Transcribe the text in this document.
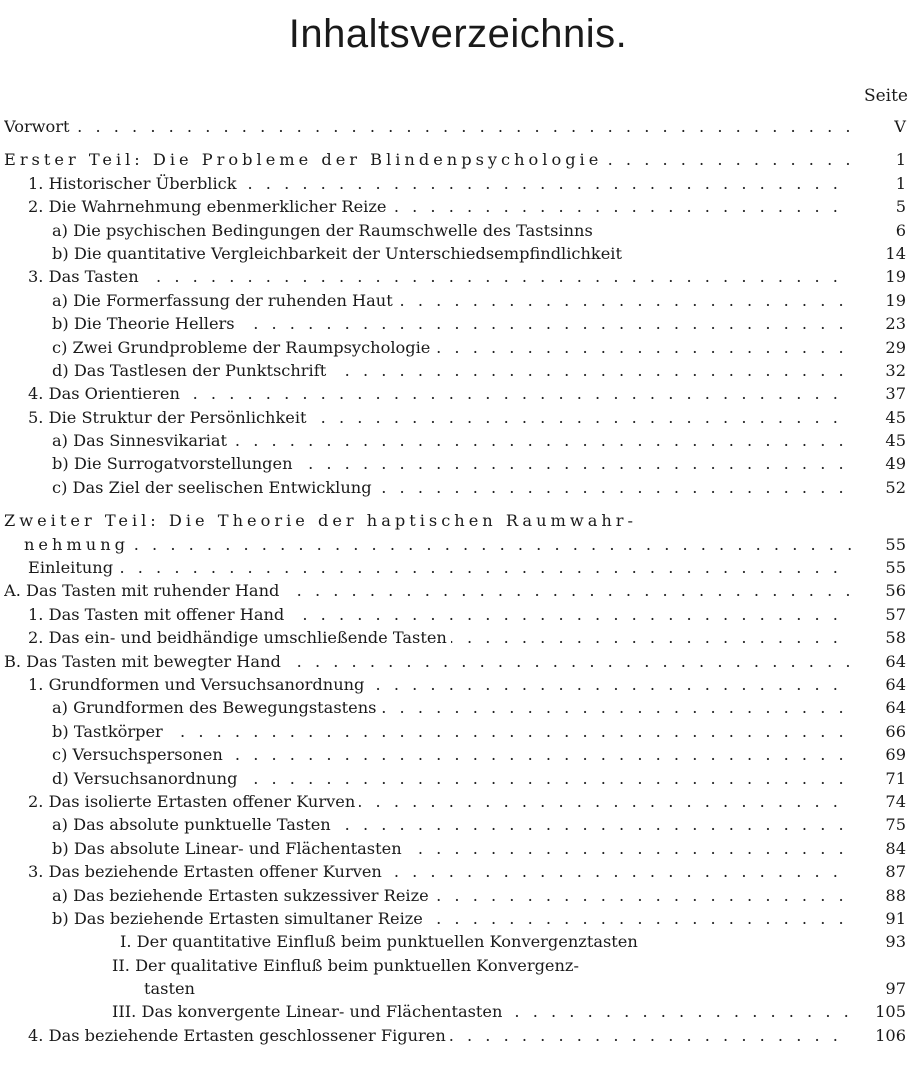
Inhaltsverzeichnis.
Seite
Vorwort . . .	V
Erster Teil: Die Probleme der Blindenpsychologie . . .	1
1. Historischer Überblick . . .	1
2. Die Wahrnehmung ebenmerklicher Reize . . .	5
a) Die psychischen Bedingungen der Raumschwelle des Tastsinns	6
b) Die quantitative Vergleichbarkeit der Unterschiedsempfindlichkeit	14
3. Das Tasten . . .	19
a) Die Formerfassung der ruhenden Haut . . .	19
b) Die Theorie Hellers . . .	23
c) Zwei Grundprobleme der Raumpsychologie . . .	29
d) Das Tastlesen der Punktschrift . . .	32
4. Das Orientieren . . .	37
5. Die Struktur der Persönlichkeit . . .	45
a) Das Sinnesvikariat . . .	45
b) Die Surrogatvorstellungen . . .	49
c) Das Ziel der seelischen Entwicklung . . .	52
Zweiter Teil: Die Theorie der haptischen Raumwahr-
nehmung . . .	55
Einleitung . . .	55
A. Das Tasten mit ruhender Hand . . .	56
1. Das Tasten mit offener Hand . . .	57
2. Das ein- und beidhändige umschließende Tasten . . .	58
B. Das Tasten mit bewegter Hand . . .	64
1. Grundformen und Versuchsanordnung . . .	64
a) Grundformen des Bewegungstastens . . .	64
b) Tastkörper . . .	66
c) Versuchspersonen . . .	69
d) Versuchsanordnung . . .	71
2. Das isolierte Ertasten offener Kurven . . .	74
a) Das absolute punktuelle Tasten . . .	75
b) Das absolute Linear- und Flächentasten . . .	84
3. Das beziehende Ertasten offener Kurven . . .	87
a) Das beziehende Ertasten sukzessiver Reize . . .	88
b) Das beziehende Ertasten simultaner Reize . . .	91
I. Der quantitative Einfluß beim punktuellen Konvergenztasten	93
II. Der qualitative Einfluß beim punktuellen Konvergenz-
tasten	97
III. Das konvergente Linear- und Flächentasten . . .	105
4. Das beziehende Ertasten geschlossener Figuren . . .	106
